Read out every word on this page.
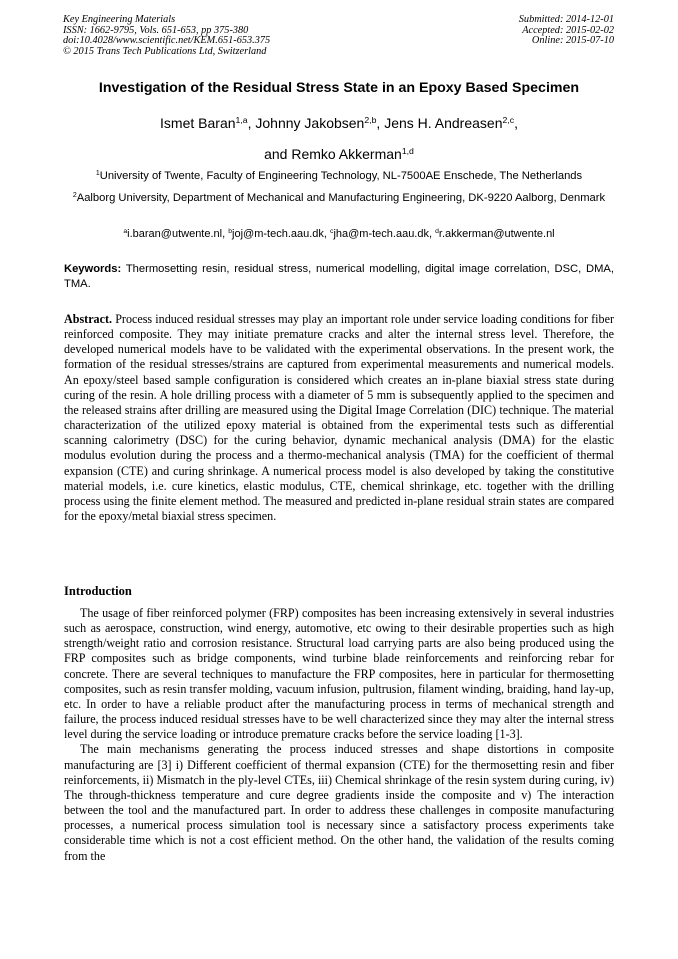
Key Engineering Materials
ISSN: 1662-9795, Vols. 651-653, pp 375-380
doi:10.4028/www.scientific.net/KEM.651-653.375
© 2015 Trans Tech Publications Ltd, Switzerland
Submitted: 2014-12-01
Accepted: 2015-02-02
Online: 2015-07-10
Investigation of the Residual Stress State in an Epoxy Based Specimen
Ismet Baran$^{1,a}$, Johnny Jakobsen$^{2,b}$, Jens H. Andreasen$^{2,c}$,
and Remko Akkerman$^{1,d}$
$^1$University of Twente, Faculty of Engineering Technology, NL-7500AE Enschede, The Netherlands
$^2$Aalborg University, Department of Mechanical and Manufacturing Engineering, DK-9220 Aalborg, Denmark
$^a$i.baran@utwente.nl, $^b$joj@m-tech.aau.dk, $^c$jha@m-tech.aau.dk, $^d$r.akkerman@utwente.nl
Keywords: Thermosetting resin, residual stress, numerical modelling, digital image correlation, DSC, DMA, TMA.
Abstract. Process induced residual stresses may play an important role under service loading conditions for fiber reinforced composite. They may initiate premature cracks and alter the internal stress level. Therefore, the developed numerical models have to be validated with the experimental observations. In the present work, the formation of the residual stresses/strains are captured from experimental measurements and numerical models. An epoxy/steel based sample configuration is considered which creates an in-plane biaxial stress state during curing of the resin. A hole drilling process with a diameter of 5 mm is subsequently applied to the specimen and the released strains after drilling are measured using the Digital Image Correlation (DIC) technique. The material characterization of the utilized epoxy material is obtained from the experimental tests such as differential scanning calorimetry (DSC) for the curing behavior, dynamic mechanical analysis (DMA) for the elastic modulus evolution during the process and a thermo-mechanical analysis (TMA) for the coefficient of thermal expansion (CTE) and curing shrinkage. A numerical process model is also developed by taking the constitutive material models, i.e. cure kinetics, elastic modulus, CTE, chemical shrinkage, etc. together with the drilling process using the finite element method. The measured and predicted in-plane residual strain states are compared for the epoxy/metal biaxial stress specimen.
Introduction

The usage of fiber reinforced polymer (FRP) composites has been increasing extensively in several industries such as aerospace, construction, wind energy, automotive, etc owing to their desirable properties such as high strength/weight ratio and corrosion resistance. Structural load carrying parts are also being produced using the FRP composites such as bridge components, wind turbine blade reinforcements and reinforcing rebar for concrete. There are several techniques to manufacture the FRP composites, here in particular for thermosetting composites, such as resin transfer molding, vacuum infusion, pultrusion, filament winding, braiding, hand lay-up, etc. In order to have a reliable product after the manufacturing process in terms of mechanical strength and failure, the process induced residual stresses have to be well characterized since they may alter the internal stress level during the service loading or introduce premature cracks before the service loading [1-3].

The main mechanisms generating the process induced stresses and shape distortions in composite manufacturing are [3] i) Different coefficient of thermal expansion (CTE) for the thermosetting resin and fiber reinforcements, ii) Mismatch in the ply-level CTEs, iii) Chemical shrinkage of the resin system during curing, iv) The through-thickness temperature and cure degree gradients inside the composite and v) The interaction between the tool and the manufactured part. In order to address these challenges in composite manufacturing processes, a numerical process simulation tool is necessary since a satisfactory process experiments take considerable time which is not a cost efficient method. On the other hand, the validation of the results coming from the
